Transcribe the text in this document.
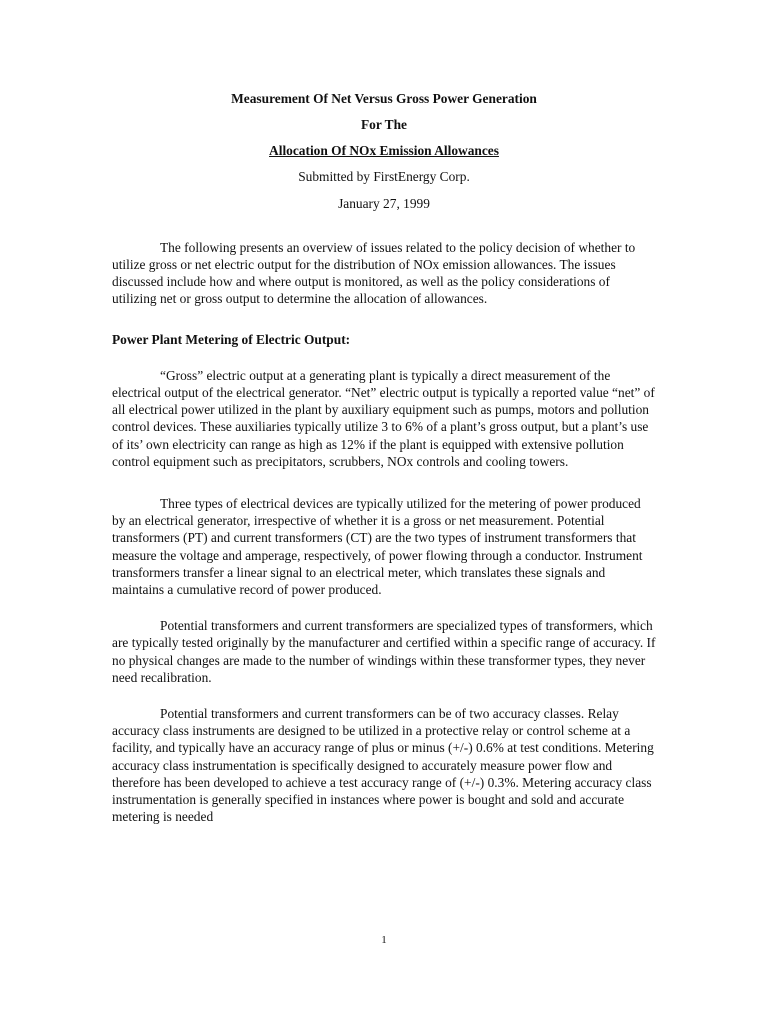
Measurement Of Net Versus Gross Power Generation
For The
Allocation Of NOx Emission Allowances
Submitted by FirstEnergy Corp.
January 27, 1999

The following presents an overview of issues related to the policy decision of whether to utilize gross or net electric output for the distribution of NOx emission allowances. The issues discussed include how and where output is monitored, as well as the policy considerations of utilizing net or gross output to determine the allocation of allowances.

Power Plant Metering of Electric Output:

“Gross” electric output at a generating plant is typically a direct measurement of the electrical output of the electrical generator. “Net” electric output is typically a reported value “net” of all electrical power utilized in the plant by auxiliary equipment such as pumps, motors and pollution control devices. These auxiliaries typically utilize 3 to 6% of a plant’s gross output, but a plant’s use of its’ own electricity can range as high as 12% if the plant is equipped with extensive pollution control equipment such as precipitators, scrubbers, NOx controls and cooling towers.

Three types of electrical devices are typically utilized for the metering of power produced by an electrical generator, irrespective of whether it is a gross or net measurement. Potential transformers (PT) and current transformers (CT) are the two types of instrument transformers that measure the voltage and amperage, respectively, of power flowing through a conductor. Instrument transformers transfer a linear signal to an electrical meter, which translates these signals and maintains a cumulative record of power produced.

Potential transformers and current transformers are specialized types of transformers, which are typically tested originally by the manufacturer and certified within a specific range of accuracy. If no physical changes are made to the number of windings within these transformer types, they never need recalibration.

Potential transformers and current transformers can be of two accuracy classes. Relay accuracy class instruments are designed to be utilized in a protective relay or control scheme at a facility, and typically have an accuracy range of plus or minus (+/-) 0.6% at test conditions. Metering accuracy class instrumentation is specifically designed to accurately measure power flow and therefore has been developed to achieve a test accuracy range of (+/-) 0.3%. Metering accuracy class instrumentation is generally specified in instances where power is bought and sold and accurate metering is needed

1
